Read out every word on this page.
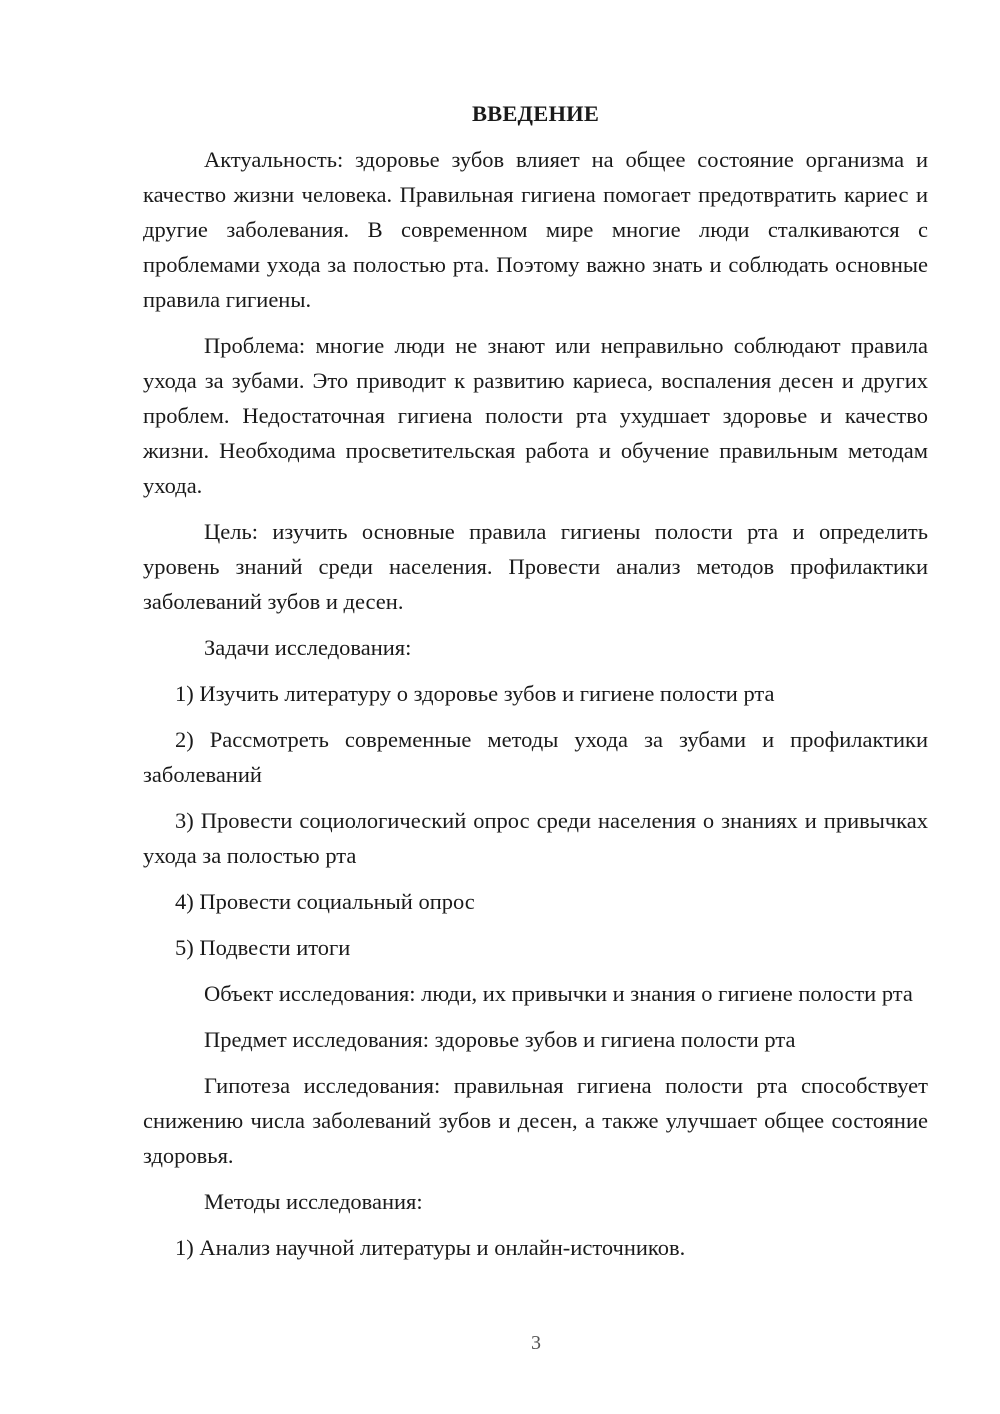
ВВЕДЕНИЕ

Актуальность: здоровье зубов влияет на общее состояние организма и качество жизни человека. Правильная гигиена помогает предотвратить кариес и другие заболевания. В современном мире многие люди сталкиваются с проблемами ухода за полостью рта. Поэтому важно знать и соблюдать основные правила гигиены.

Проблема: многие люди не знают или неправильно соблюдают правила ухода за зубами. Это приводит к развитию кариеса, воспаления десен и других проблем. Недостаточная гигиена полости рта ухудшает здоровье и качество жизни. Необходима просветительская работа и обучение правильным методам ухода.

Цель: изучить основные правила гигиены полости рта и определить уровень знаний среди населения. Провести анализ методов профилактики заболеваний зубов и десен.

Задачи исследования:

1) Изучить литературу о здоровье зубов и гигиене полости рта

2) Рассмотреть современные методы ухода за зубами и профилактики заболеваний

3) Провести социологический опрос среди населения о знаниях и привычках ухода за полостью рта

4) Провести социальный опрос

5) Подвести итоги

Объект исследования: люди, их привычки и знания о гигиене полости рта

Предмет исследования: здоровье зубов и гигиена полости рта

Гипотеза исследования: правильная гигиена полости рта способствует снижению числа заболеваний зубов и десен, а также улучшает общее состояние здоровья.

Методы исследования:

1) Анализ научной литературы и онлайн-источников.

3
